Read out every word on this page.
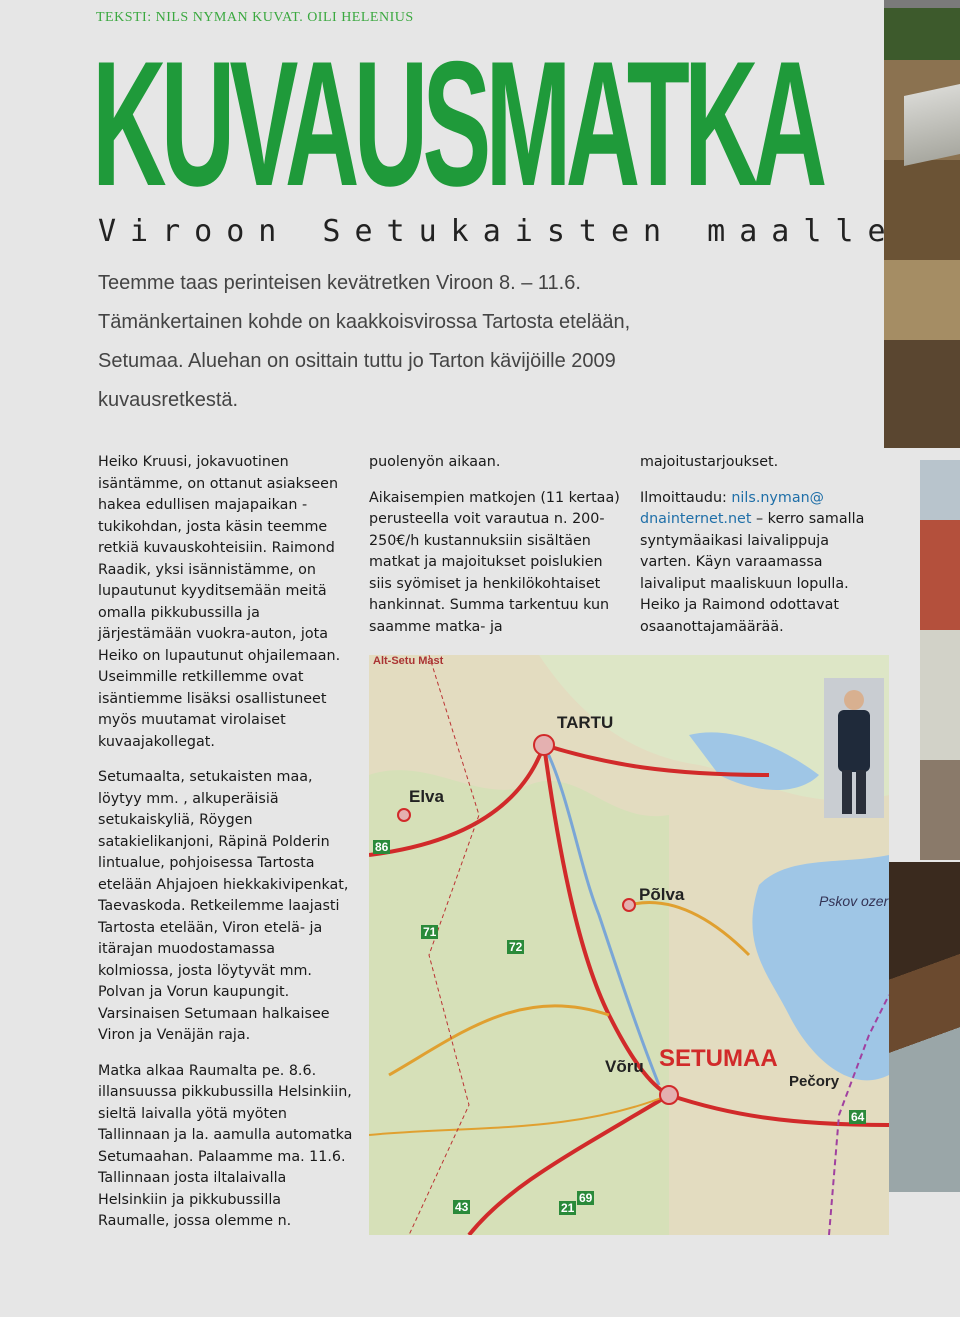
TEKSTI: NILS NYMAN KUVAT. OILI HELENIUS
KUVAUSMATKA
Viroon Setukaisten maalle

Teemme taas perinteisen kevätretken Viroon 8. – 11.6.

Tämänkertainen kohde on kaakkoisvirossa Tartosta etelään,

Setumaa. Aluehan on osittain tuttu jo Tarton kävijöille 2009

kuvausretkestä.

Heiko Kruusi, jokavuotinen isäntämme, on ottanut asiakseen hakea edullisen majapaikan - tukikohdan, josta käsin teemme retkiä kuvauskohteisiin. Raimond Raadik, yksi isännistämme, on lupautunut kyyditsemään meitä omalla pikkubussilla ja järjestämään vuokra-auton, jota Heiko on lupautunut ohjailemaan. Useimmille retkillemme ovat isäntiemme lisäksi osallistuneet myös muutamat virolaiset kuvaajakollegat.

Setumaalta, setukaisten maa, löytyy mm. , alkuperäisiä setukaiskyliä, Röygen satakielikanjoni, Räpinä Polderin lintualue, pohjoisessa Tartosta etelään Ahjajoen hiekkakivipenkat, Taevaskoda. Retkeilemme laajasti Tartosta etelään, Viron etelä- ja itärajan muodostamassa kolmiossa, josta löytyvät mm. Polvan ja Vorun kaupungit. Varsinaisen Setumaan halkaisee Viron ja Venäjän raja.

Matka alkaa Raumalta pe. 8.6. illansuussa pikkubussilla Helsinkiin, sieltä laivalla yötä myöten Tallinnaan ja la. aamulla automatka Setumaahan. Palaamme ma. 11.6. Tallinnaan josta iltalaivalla Helsinkiin ja pikkubussilla Raumalle, jossa olemme n.

puolenyön aikaan.

Aikaisempien matkojen (11 kertaa) perusteella voit varautua n. 200-250€/h kustannuksiin sisältäen matkat ja majoitukset poislukien siis syömiset ja henkilökohtaiset hankinnat. Summa tarkentuu kun saamme matka- ja

majoitustarjoukset.

Ilmoittaudu: nils.nyman@ dnainternet.net – kerro samalla syntymäaikasi laivalippuja varten. Käyn varaamassa laivaliput maaliskuun lopulla. Heiko ja Raimond odottavat osaanottajamäärää.

Alt-Setu Mast
TARTU
Elva
Põlva
Võru SETUMAA
Pečory
Pskov ozer
86
72
71
64
69
21
43
